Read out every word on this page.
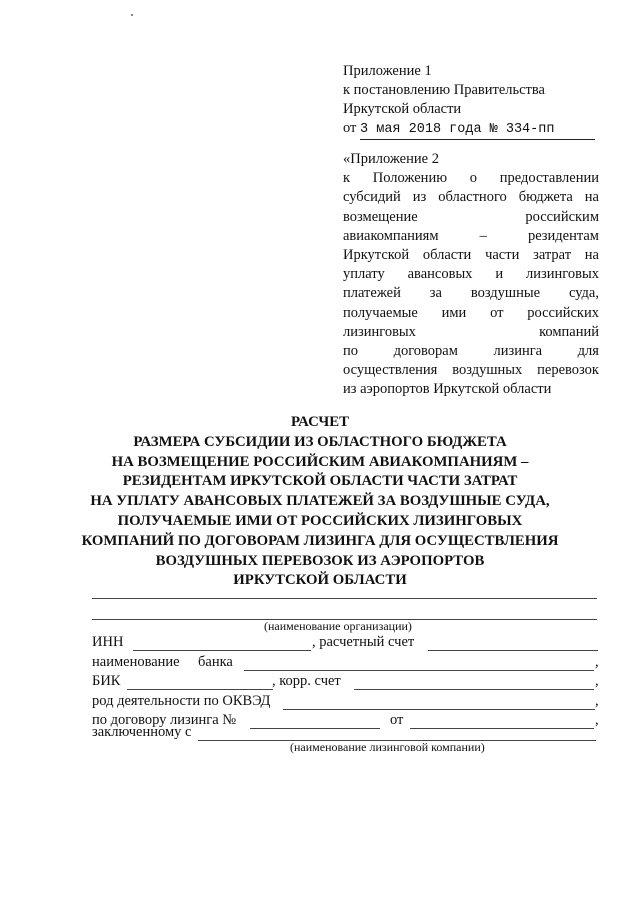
Приложение 1
к постановлению Правительства
Иркутской области
от 3 мая 2018 года № 334-пп
«Приложение 2
к Положению о предоставлении
субсидий из областного бюджета на
возмещение	российским
авиакомпаниям	–	резидентам
Иркутской области части затрат на
уплату авансовых и лизинговых
платежей за воздушные суда,
получаемые ими от российских
лизинговых	компаний
по договорам лизинга для
осуществления воздушных перевозок
из аэропортов Иркутской области
РАСЧЕТ
РАЗМЕРА СУБСИДИИ ИЗ ОБЛАСТНОГО БЮДЖЕТА
НА ВОЗМЕЩЕНИЕ РОССИЙСКИМ АВИАКОМПАНИЯМ –
РЕЗИДЕНТАМ ИРКУТСКОЙ ОБЛАСТИ ЧАСТИ ЗАТРАТ
НА УПЛАТУ АВАНСОВЫХ ПЛАТЕЖЕЙ ЗА ВОЗДУШНЫЕ СУДА,
ПОЛУЧАЕМЫЕ ИМИ ОТ РОССИЙСКИХ ЛИЗИНГОВЫХ
КОМПАНИЙ ПО ДОГОВОРАМ ЛИЗИНГА ДЛЯ ОСУЩЕСТВЛЕНИЯ
ВОЗДУШНЫХ ПЕРЕВОЗОК ИЗ АЭРОПОРТОВ
ИРКУТСКОЙ ОБЛАСТИ
(наименование организации)
ИНН	, расчетный счет
наименование банка	,
БИК	, корр. счет	,
род деятельности по ОКВЭД	,
по договору лизинга №	от	,
заключенному с
(наименование лизинговой компании)
